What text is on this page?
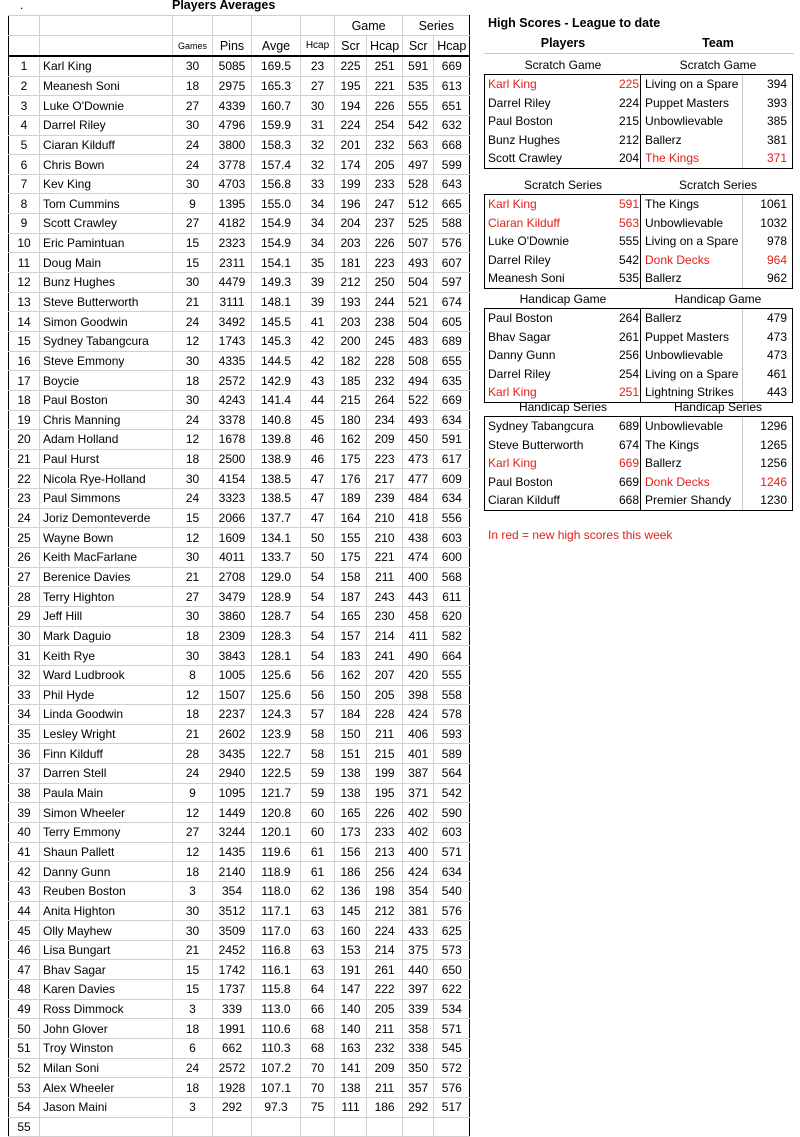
.	Players Averages
High Scores - League to date
						Game		Series	
		Games	Pins	Avge	Hcap	Scr	Hcap	Scr	Hcap
1	Karl King	30	5085	169.5	23	225	251	591	669
2	Meanesh Soni	18	2975	165.3	27	195	221	535	613
3	Luke O'Downie	27	4339	160.7	30	194	226	555	651
4	Darrel Riley	30	4796	159.9	31	224	254	542	632
5	Ciaran Kilduff	24	3800	158.3	32	201	232	563	668
6	Chris Bown	24	3778	157.4	32	174	205	497	599
7	Kev King	30	4703	156.8	33	199	233	528	643
8	Tom Cummins	9	1395	155.0	34	196	247	512	665
9	Scott Crawley	27	4182	154.9	34	204	237	525	588
10	Eric Pamintuan	15	2323	154.9	34	203	226	507	576
11	Doug Main	15	2311	154.1	35	181	223	493	607
12	Bunz Hughes	30	4479	149.3	39	212	250	504	597
13	Steve Butterworth	21	3111	148.1	39	193	244	521	674
14	Simon Goodwin	24	3492	145.5	41	203	238	504	605
15	Sydney Tabangcura	12	1743	145.3	42	200	245	483	689
16	Steve Emmony	30	4335	144.5	42	182	228	508	655
17	Boycie	18	2572	142.9	43	185	232	494	635
18	Paul Boston	30	4243	141.4	44	215	264	522	669
19	Chris Manning	24	3378	140.8	45	180	234	493	634
20	Adam Holland	12	1678	139.8	46	162	209	450	591
21	Paul Hurst	18	2500	138.9	46	175	223	473	617
22	Nicola Rye-Holland	30	4154	138.5	47	176	217	477	609
23	Paul Simmons	24	3323	138.5	47	189	239	484	634
24	Joriz Demonteverde	15	2066	137.7	47	164	210	418	556
25	Wayne Bown	12	1609	134.1	50	155	210	438	603
26	Keith MacFarlane	30	4011	133.7	50	175	221	474	600
27	Berenice Davies	21	2708	129.0	54	158	211	400	568
28	Terry Highton	27	3479	128.9	54	187	243	443	611
29	Jeff Hill	30	3860	128.7	54	165	230	458	620
30	Mark Daguio	18	2309	128.3	54	157	214	411	582
31	Keith Rye	30	3843	128.1	54	183	241	490	664
32	Ward Ludbrook	8	1005	125.6	56	162	207	420	555
33	Phil Hyde	12	1507	125.6	56	150	205	398	558
34	Linda Goodwin	18	2237	124.3	57	184	228	424	578
35	Lesley Wright	21	2602	123.9	58	150	211	406	593
36	Finn Kilduff	28	3435	122.7	58	151	215	401	589
37	Darren Stell	24	2940	122.5	59	138	199	387	564
38	Paula Main	9	1095	121.7	59	138	195	371	542
39	Simon Wheeler	12	1449	120.8	60	165	226	402	590
40	Terry Emmony	27	3244	120.1	60	173	233	402	603
41	Shaun Pallett	12	1435	119.6	61	156	213	400	571
42	Danny Gunn	18	2140	118.9	61	186	256	424	634
43	Reuben Boston	3	354	118.0	62	136	198	354	540
44	Anita Highton	30	3512	117.1	63	145	212	381	576
45	Olly Mayhew	30	3509	117.0	63	160	224	433	625
46	Lisa Bungart	21	2452	116.8	63	153	214	375	573
47	Bhav Sagar	15	1742	116.1	63	191	261	440	650
48	Karen Davies	15	1737	115.8	64	147	222	397	622
49	Ross Dimmock	3	339	113.0	66	140	205	339	534
50	John Glover	18	1991	110.6	68	140	211	358	571
51	Troy Winston	6	662	110.3	68	163	232	338	545
52	Milan Soni	24	2572	107.2	70	141	209	350	572
53	Alex Wheeler	18	1928	107.1	70	138	211	357	576
54	Jason Maini	3	292	97.3	75	111	186	292	517
55									
Players	Team
Scratch Game	Scratch Game
Karl King	225 Living on a Spare	394
Darrel Riley	224 Puppet Masters	393
Paul Boston	215 Unbowlievable	385
Bunz Hughes	212 Ballerz	381
Scott Crawley	204 The Kings	371
Scratch Series	Scratch Series
Karl King	591 The Kings	1061
Ciaran Kilduff	563 Unbowlievable	1032
Luke O'Downie	555 Living on a Spare	978
Darrel Riley	542 Donk Decks	964
Meanesh Soni	535 Ballerz	962
Handicap Game	Handicap Game
Paul Boston	264 Ballerz	479
Bhav Sagar	261 Puppet Masters	473
Danny Gunn	256 Unbowlievable	473
Darrel Riley	254 Living on a Spare	461
Karl King	251 Lightning Strikes	443
Handicap Series	Handicap Series
Sydney Tabangcura	689 Unbowlievable	1296
Steve Butterworth	674 The Kings	1265
Karl King	669 Ballerz	1256
Paul Boston	669 Donk Decks	1246
Ciaran Kilduff	668 Premier Shandy	1230
In red = new high scores this week
